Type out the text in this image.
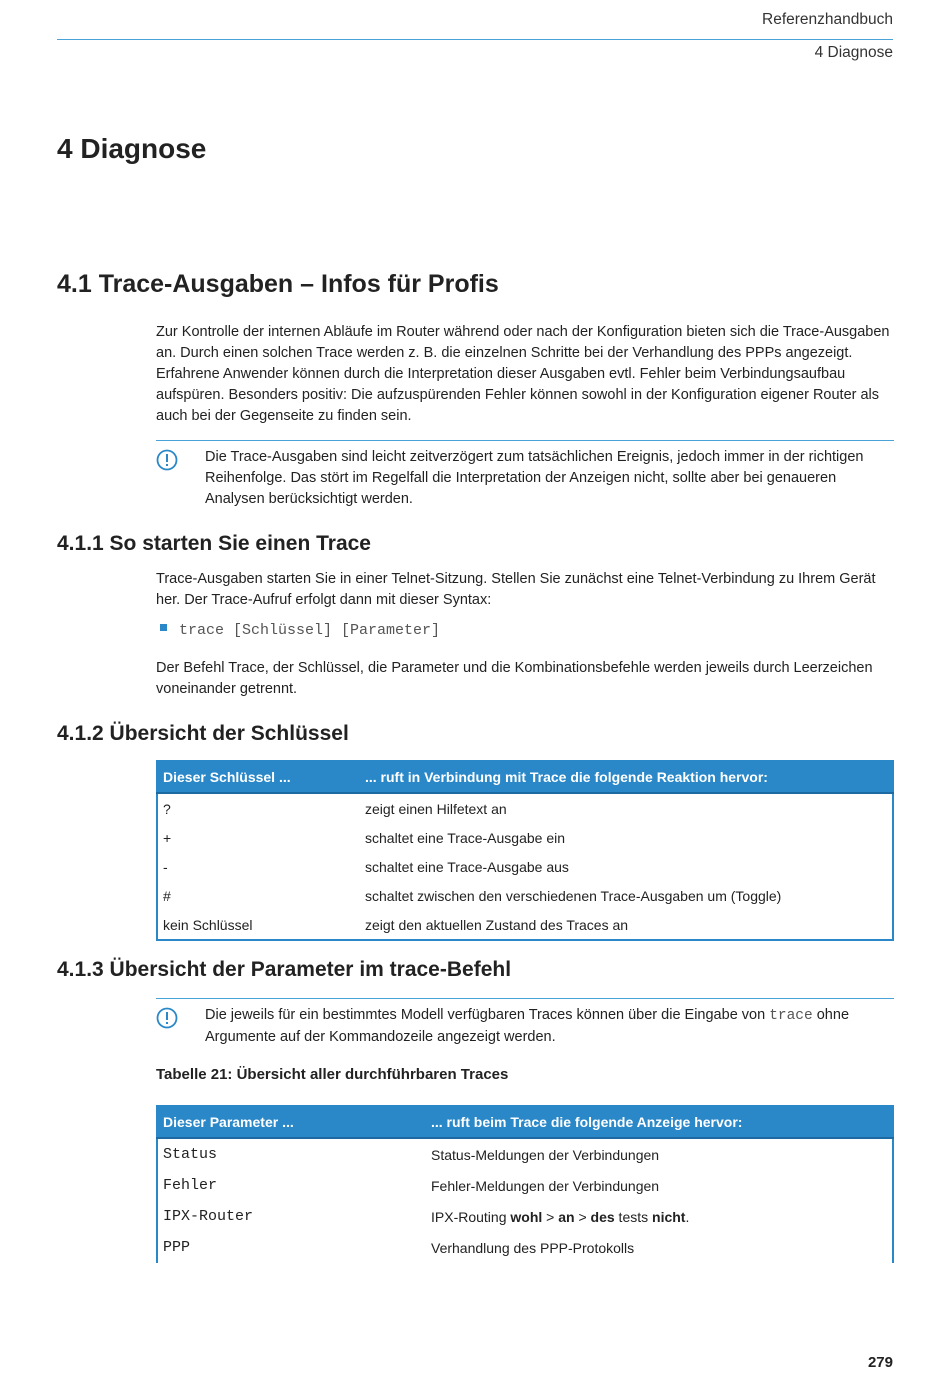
Referenzhandbuch
4 Diagnose
4 Diagnose
4.1 Trace-Ausgaben – Infos für Profis

Zur Kontrolle der internen Abläufe im Router während oder nach der Konfiguration bieten sich die Trace-Ausgaben an. Durch einen solchen Trace werden z. B. die einzelnen Schritte bei der Verhandlung des PPPs angezeigt. Erfahrene Anwender können durch die Interpretation dieser Ausgaben evtl. Fehler beim Verbindungsaufbau aufspüren. Besonders positiv: Die aufzuspürenden Fehler können sowohl in der Konfiguration eigener Router als auch bei der Gegenseite zu finden sein.

Die Trace-Ausgaben sind leicht zeitverzögert zum tatsächlichen Ereignis, jedoch immer in der richtigen Reihenfolge. Das stört im Regelfall die Interpretation der Anzeigen nicht, sollte aber bei genaueren Analysen berücksichtigt werden.
4.1.1 So starten Sie einen Trace

Trace-Ausgaben starten Sie in einer Telnet-Sitzung. Stellen Sie zunächst eine Telnet-Verbindung zu Ihrem Gerät her. Der Trace-Aufruf erfolgt dann mit dieser Syntax:

trace [Schlüssel] [Parameter]

Der Befehl Trace, der Schlüssel, die Parameter und die Kombinationsbefehle werden jeweils durch Leerzeichen voneinander getrennt.

4.1.2 Übersicht der Schlüssel
Dieser Schlüssel ...	... ruft in Verbindung mit Trace die folgende Reaktion hervor:
?	zeigt einen Hilfetext an
+	schaltet eine Trace-Ausgabe ein
-	schaltet eine Trace-Ausgabe aus
#	schaltet zwischen den verschiedenen Trace-Ausgaben um (Toggle)
kein Schlüssel	zeigt den aktuellen Zustand des Traces an
4.1.3 Übersicht der Parameter im trace-Befehl
Die jeweils für ein bestimmtes Modell verfügbaren Traces können über die Eingabe von trace ohne Argumente auf der Kommandozeile angezeigt werden.
Tabelle 21: Übersicht aller durchführbaren Traces
Dieser Parameter ...	... ruft beim Trace die folgende Anzeige hervor:
Status	Status-Meldungen der Verbindungen
Fehler	Fehler-Meldungen der Verbindungen
IPX-Router	IPX-Routing wohl > an > des tests nicht.
PPP	Verhandlung des PPP-Protokolls
279
